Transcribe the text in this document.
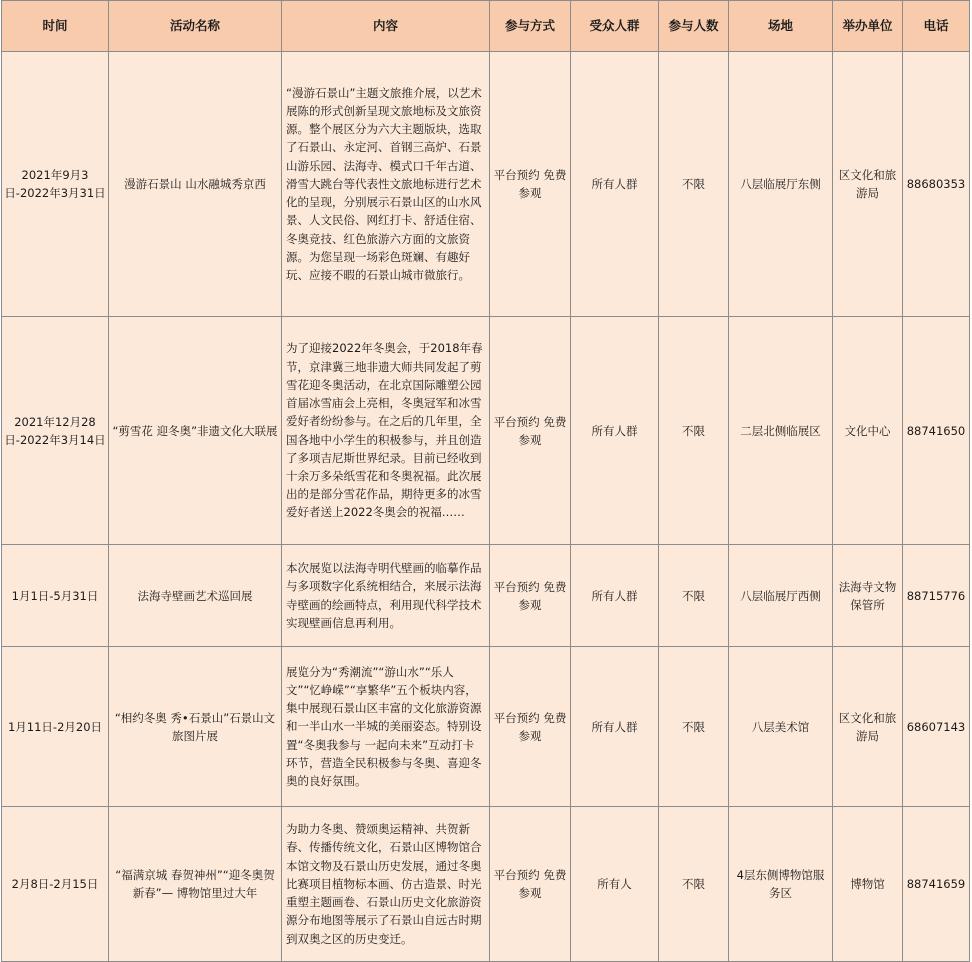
时间	活动名称	内容	参与方式	受众人群	参与人数	场地	举办单位	电话
2021年9月3日-2022年3月31日	漫游石景山 山水融城秀京西	“漫游石景山”主题文旅推介展，以艺术展陈的形式创新呈现文旅地标及文旅资源。整个展区分为六大主题版块，选取了石景山、永定河、首钢三高炉、石景山游乐园、法海寺、模式口千年古道、滑雪大跳台等代表性文旅地标进行艺术化的呈现，分别展示石景山区的山水风景、人文民俗、网红打卡、舒适住宿、冬奥竞技、红色旅游六方面的文旅资源。为您呈现一场彩色斑斓、有趣好玩、应接不暇的石景山城市微旅行。	平台预约 免费参观	所有人群	不限	八层临展厅东侧	区文化和旅游局	88680353
2021年12月28日-2022年3月14日	“剪雪花 迎冬奥”非遗文化大联展	为了迎接2022年冬奥会，于2018年春节，京津冀三地非遗大师共同发起了剪雪花迎冬奥活动，在北京国际雕塑公园首届冰雪庙会上亮相，冬奥冠军和冰雪爱好者纷纷参与。在之后的几年里，全国各地中小学生的积极参与，并且创造了多项吉尼斯世界纪录。目前已经收到十余万多朵纸雪花和冬奥祝福。此次展出的是部分雪花作品，期待更多的冰雪爱好者送上2022冬奥会的祝福……	平台预约 免费参观	所有人群	不限	二层北侧临展区	文化中心	88741650
1月1日-5月31日	法海寺壁画艺术巡回展	本次展览以法海寺明代壁画的临摹作品与多项数字化系统相结合，来展示法海寺壁画的绘画特点，利用现代科学技术实现壁画信息再利用。	平台预约 免费参观	所有人群	不限	八层临展厅西侧	法海寺文物保管所	88715776
1月11日-2月20日	“相约冬奥 秀•石景山”石景山文旅图片展	展览分为“秀潮流”“游山水”“乐人文”“忆峥嵘”“享繁华”五个板块内容，集中展现石景山区丰富的文化旅游资源和一半山水一半城的美丽姿态。特别设置“冬奥我参与 一起向未来”互动打卡环节，营造全民积极参与冬奥、喜迎冬奥的良好氛围。	平台预约 免费参观	所有人群	不限	八层美术馆	区文化和旅游局	68607143
2月8日-2月15日	“福满京城 春贺神州”“迎冬奥贺新春”— 博物馆里过大年	为助力冬奥、赞颂奥运精神、共贺新春、传播传统文化，石景山区博物馆合本馆文物及石景山历史发展，通过冬奥比赛项目植物标本画、仿古造景、时光重塑主题画卷、石景山历史文化旅游资源分布地图等展示了石景山自远古时期到双奥之区的历史变迁。	平台预约 免费参观	所有人	不限	4层东侧博物馆服务区	博物馆	88741659
